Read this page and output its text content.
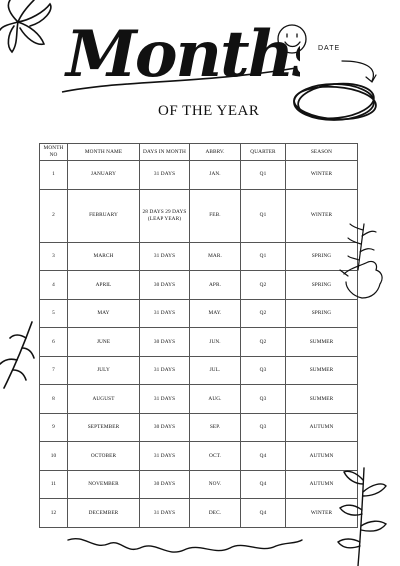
Month
OF THE YEAR
DATE
MONTH
NO	MONTH NAME	DAYS IN MONTH	ABBRV.	QUARTER	SEASON
1	JANUARY	31 DAYS	JAN.	Q1	WINTER
2	FEBRUARY	28 DAYS 29 DAYS (LEAP YEAR)	FEB.	Q1	WINTER
3	MARCH	31 DAYS	MAR.	Q1	SPRING
4	APRIL	30 DAYS	APR.	Q2	SPRING
5	MAY	31 DAYS	MAY.	Q2	SPRING
6	JUNE	30 DAYS	JUN.	Q2	SUMMER
7	JULY	31 DAYS	JUL.	Q3	SUMMER
8	AUGUST	31 DAYS	AUG.	Q3	SUMMER
9	SEPTEMBER	30 DAYS	SEP.	Q3	AUTUMN
10	OCTOBER	31 DAYS	OCT.	Q4	AUTUMN
11	NOVEMBER	30 DAYS	NOV.	Q4	AUTUMN
12	DECEMBER	31 DAYS	DEC.	Q4	WINTER
